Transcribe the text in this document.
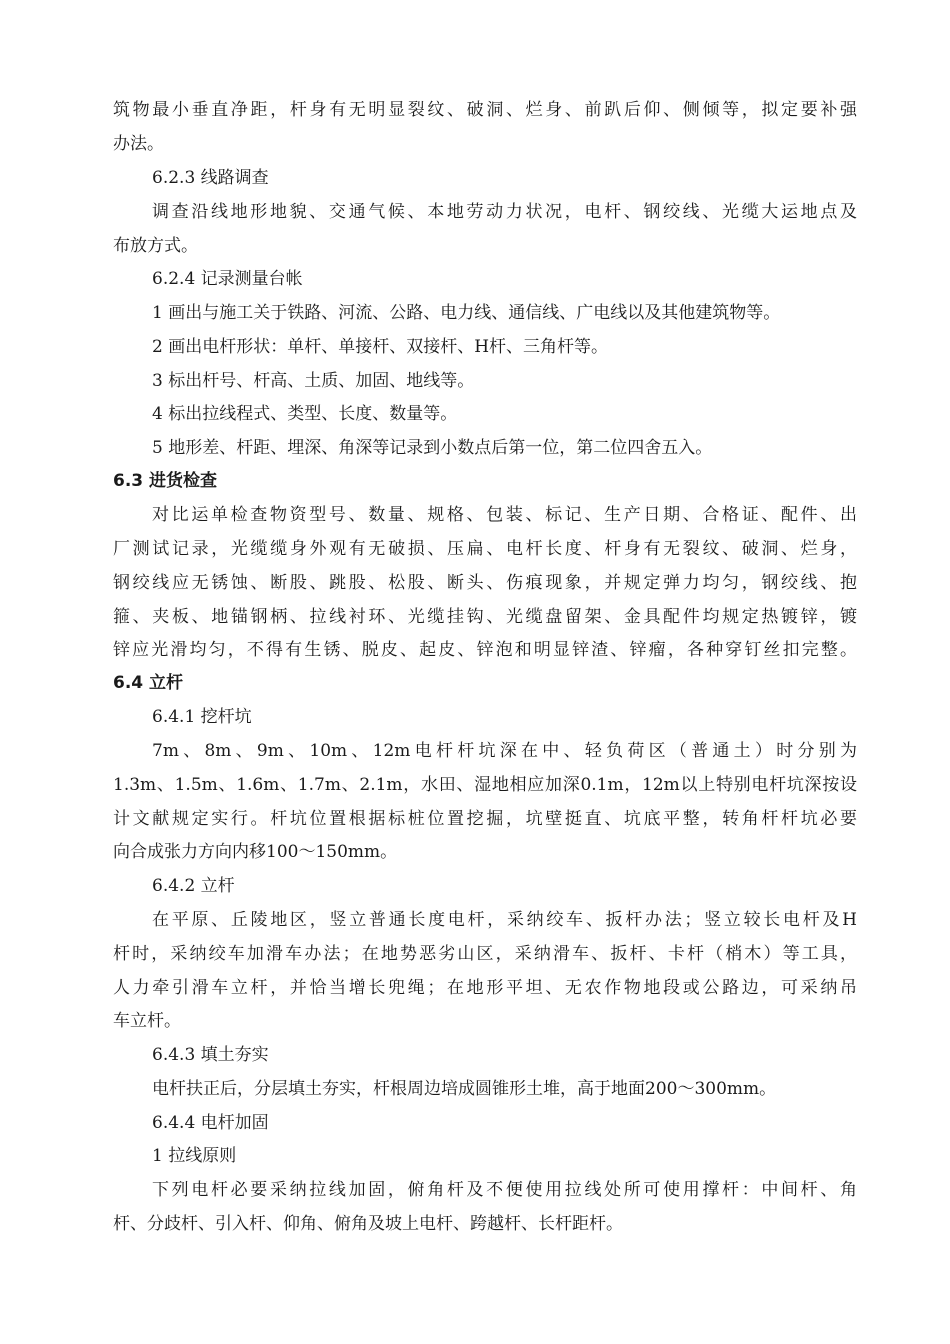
筑物最小垂直净距，杆身有无明显裂纹、破洞、烂身、前趴后仰、侧倾等，拟定要补强
办法。
6.2.3 线路调查
调查沿线地形地貌、交通气候、本地劳动力状况，电杆、钢绞线、光缆大运地点及
布放方式。
6.2.4 记录测量台帐
1 画出与施工关于铁路、河流、公路、电力线、通信线、广电线以及其他建筑物等。
2 画出电杆形状：单杆、单接杆、双接杆、H杆、三角杆等。
3 标出杆号、杆高、土质、加固、地线等。
4 标出拉线程式、类型、长度、数量等。
5 地形差、杆距、埋深、角深等记录到小数点后第一位，第二位四舍五入。
6.3 进货检查
对比运单检查物资型号、数量、规格、包装、标记、生产日期、合格证、配件、出
厂测试记录，光缆缆身外观有无破损、压扁、电杆长度、杆身有无裂纹、破洞、烂身，
钢绞线应无锈蚀、断股、跳股、松股、断头、伤痕现象，并规定弹力均匀，钢绞线、抱
箍、夹板、地锚钢柄、拉线衬环、光缆挂钩、光缆盘留架、金具配件均规定热镀锌，镀
锌应光滑均匀，不得有生锈、脱皮、起皮、锌泡和明显锌渣、锌瘤，各种穿钉丝扣完整。
6.4 立杆
6.4.1 挖杆坑
7m、8m、9m、10m、12m电杆杆坑深在中、轻负荷区（普通土）时分别为
1.3m、1.5m、1.6m、1.7m、2.1m，水田、湿地相应加深0.1m，12m以上特别电杆坑深按设
计文献规定实行。杆坑位置根据标桩位置挖掘，坑壁挺直、坑底平整，转角杆杆坑必要
向合成张力方向内移100～150mm。
6.4.2 立杆
在平原、丘陵地区，竖立普通长度电杆，采纳绞车、扳杆办法；竖立较长电杆及H
杆时，采纳绞车加滑车办法；在地势恶劣山区，采纳滑车、扳杆、卡杆（梢木）等工具，
人力牵引滑车立杆，并恰当增长兜绳；在地形平坦、无农作物地段或公路边，可采纳吊
车立杆。
6.4.3 填土夯实
电杆扶正后，分层填土夯实，杆根周边培成圆锥形土堆，高于地面200～300mm。
6.4.4 电杆加固
1 拉线原则
下列电杆必要采纳拉线加固，俯角杆及不便使用拉线处所可使用撑杆：中间杆、角
杆、分歧杆、引入杆、仰角、俯角及坡上电杆、跨越杆、长杆距杆。
